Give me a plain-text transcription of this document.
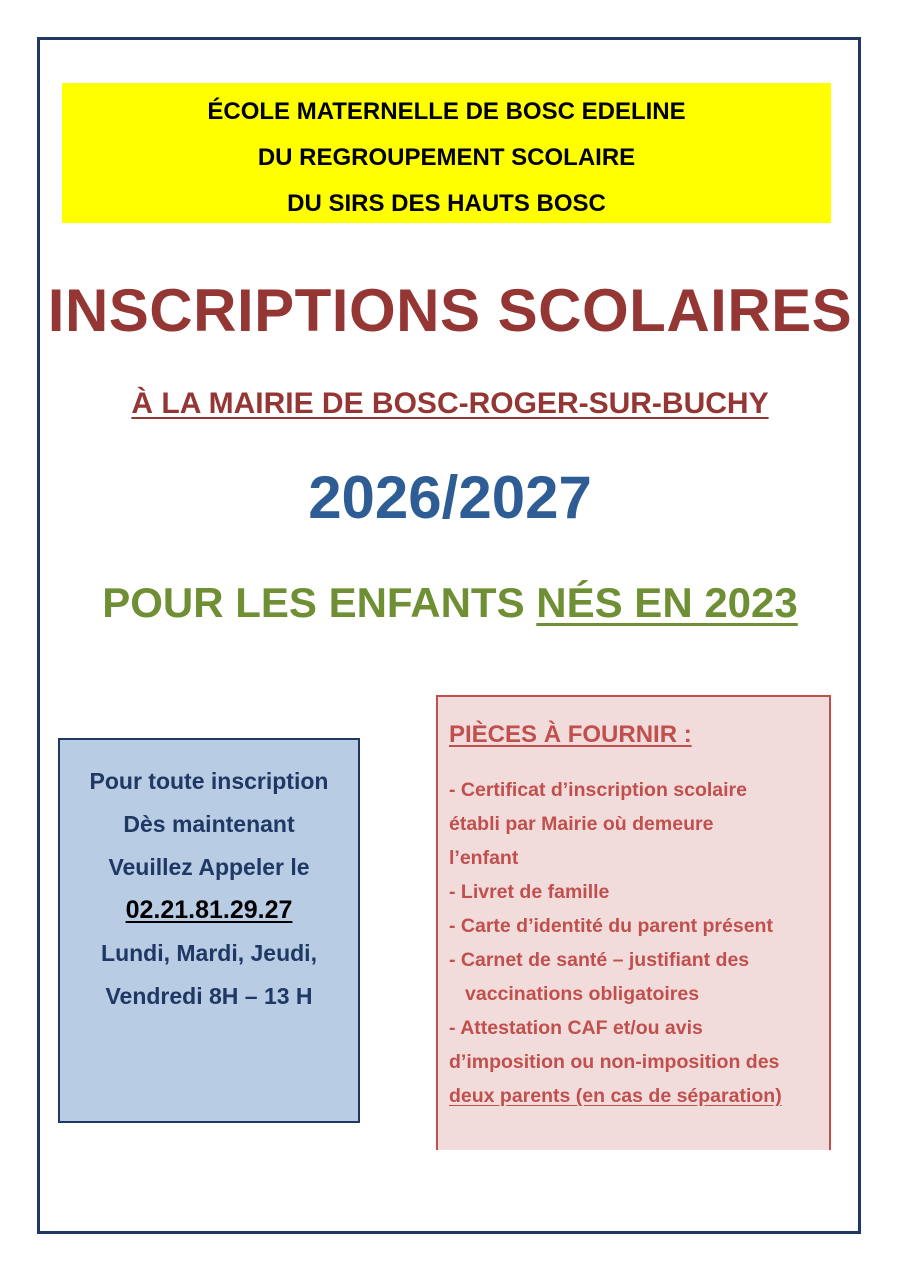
ÉCOLE MATERNELLE DE BOSC EDELINE
DU REGROUPEMENT SCOLAIRE
DU SIRS DES HAUTS BOSC
INSCRIPTIONS SCOLAIRES
À LA MAIRIE DE BOSC-ROGER-SUR-BUCHY
2026/2027
POUR LES ENFANTS NÉS EN 2023
Pour toute inscription
Dès maintenant
Veuillez Appeler le
02.21.81.29.27
Lundi, Mardi, Jeudi,
Vendredi 8H – 13 H
PIÈCES À FOURNIR :
- Certificat d’inscription scolaire
établi par Mairie où demeure
l’enfant
- Livret de famille
- Carte d’identité du parent présent
- Carnet de santé – justifiant des
vaccinations obligatoires
- Attestation CAF et/ou avis
d’imposition ou non-imposition des
deux parents (en cas de séparation)
